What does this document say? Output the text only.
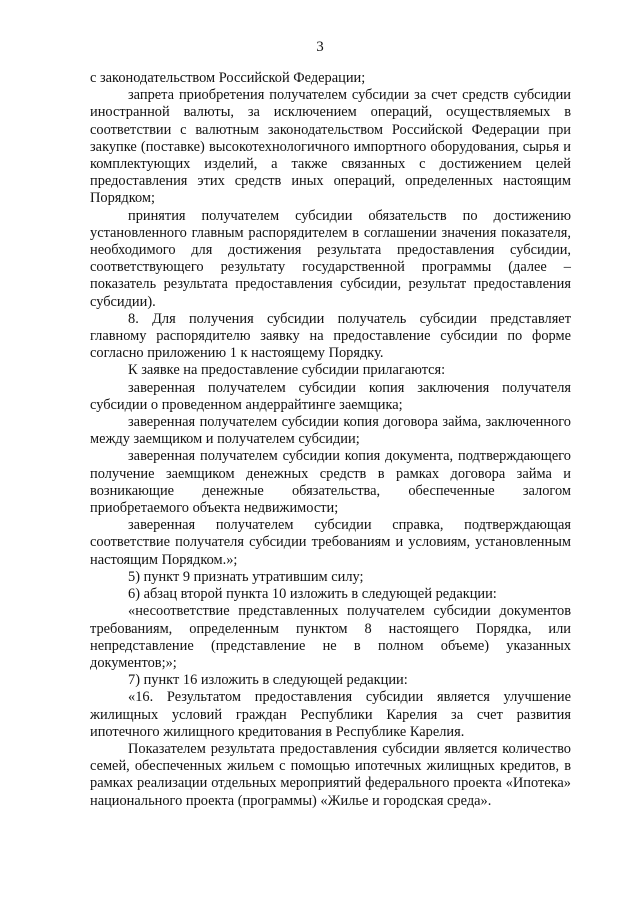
3

с законодательством Российской Федерации;

запрета приобретения получателем субсидии за счет средств субсидии иностранной валюты, за исключением операций, осуществляемых в соответствии с валютным законодательством Российской Федерации при закупке (поставке) высокотехнологичного импортного оборудования, сырья и комплектующих изделий, а также связанных с достижением целей предоставления этих средств иных операций, определенных настоящим Порядком;

принятия получателем субсидии обязательств по достижению установленного главным распорядителем в соглашении значения показателя, необходимого для достижения результата предоставления субсидии, соответствующего результату государственной программы (далее – показатель результата предоставления субсидии, результат предоставления субсидии).

8. Для получения субсидии получатель субсидии представляет главному распорядителю заявку на предоставление субсидии по форме согласно приложению 1 к настоящему Порядку.

К заявке на предоставление субсидии прилагаются:

заверенная получателем субсидии копия заключения получателя субсидии о проведенном андеррайтинге заемщика;

заверенная получателем субсидии копия договора займа, заключенного между заемщиком и получателем субсидии;

заверенная получателем субсидии копия документа, подтверждающего получение заемщиком денежных средств в рамках договора займа и возникающие денежные обязательства, обеспеченные залогом приобретаемого объекта недвижимости;

заверенная получателем субсидии справка, подтверждающая соответствие получателя субсидии требованиям и условиям, установленным настоящим Порядком.»;

5) пункт 9 признать утратившим силу;

6) абзац второй пункта 10 изложить в следующей редакции:

«несоответствие представленных получателем субсидии документов требованиям, определенным пунктом 8 настоящего Порядка, или непредставление (представление не в полном объеме) указанных документов;»;

7) пункт 16 изложить в следующей редакции:

«16. Результатом предоставления субсидии является улучшение жилищных условий граждан Республики Карелия за счет развития ипотечного жилищного кредитования в Республике Карелия.

Показателем результата предоставления субсидии является количество семей, обеспеченных жильем с помощью ипотечных жилищных кредитов, в рамках реализации отдельных мероприятий федерального проекта «Ипотека» национального проекта (программы) «Жилье и городская среда».
